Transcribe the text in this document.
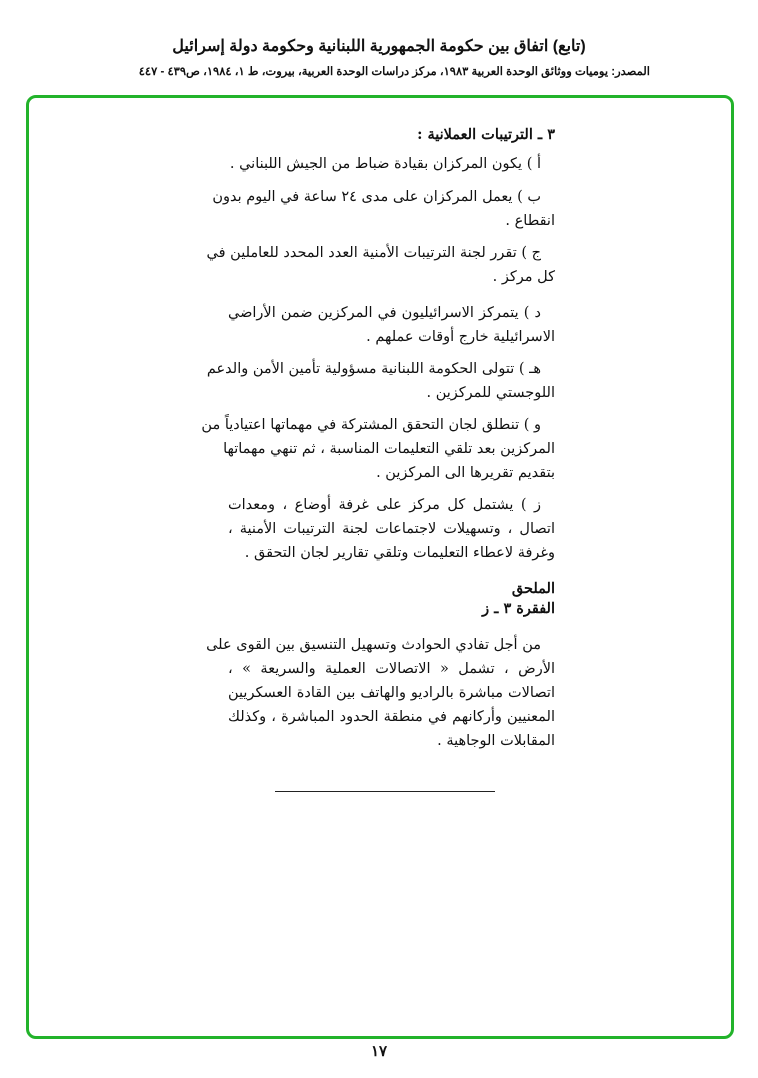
(تابع) اتفاق بين حكومة الجمهورية اللبنانية وحكومة دولة إسرائيل
المصدر: يوميات ووثائق الوحدة العربية ١٩٨٣، مركز دراسات الوحدة العربية، بيروت، ط ١، ١٩٨٤، ص٤٣٩ - ٤٤٧
٣ ـ الترتيبات العملانية :
أ ) يكون المركزان بقيادة ضباط من الجيش اللبناني .
ب ) يعمل المركزان على مدى ٢٤ ساعة في اليوم بدون
انقطاع .
ج ) تقرر لجنة الترتيبات الأمنية العدد المحدد للعاملين في
كل مركز .
د ) يتمركز الاسرائيليون في المركزين ضمن الأراضي
الاسرائيلية خارج أوقات عملهم .
هـ ) تتولى الحكومة اللبنانية مسؤولية تأمين الأمن والدعم
اللوجستي للمركزين .
و ) تنطلق لجان التحقق المشتركة في مهماتها اعتيادياً من
المركزين بعد تلقي التعليمات المناسبة ، ثم تنهي مهماتها
بتقديم تقريرها الى المركزين .
ز ) يشتمل كل مركز على غرفة أوضاع ، ومعدات
اتصال ، وتسهيلات لاجتماعات لجنة الترتيبات الأمنية ،
وغرفة لاعطاء التعليمات وتلقي تقارير لجان التحقق .
الملحق
الفقرة ٣ ـ ز
من أجل تفادي الحوادث وتسهيل التنسيق بين القوى على
الأرض ، تشمل « الاتصالات العملية والسريعة » ،
اتصالات مباشرة بالراديو والهاتف بين القادة العسكريين
المعنيين وأركانهم في منطقة الحدود المباشرة ، وكذلك
المقابلات الوجاهية .
١٧
